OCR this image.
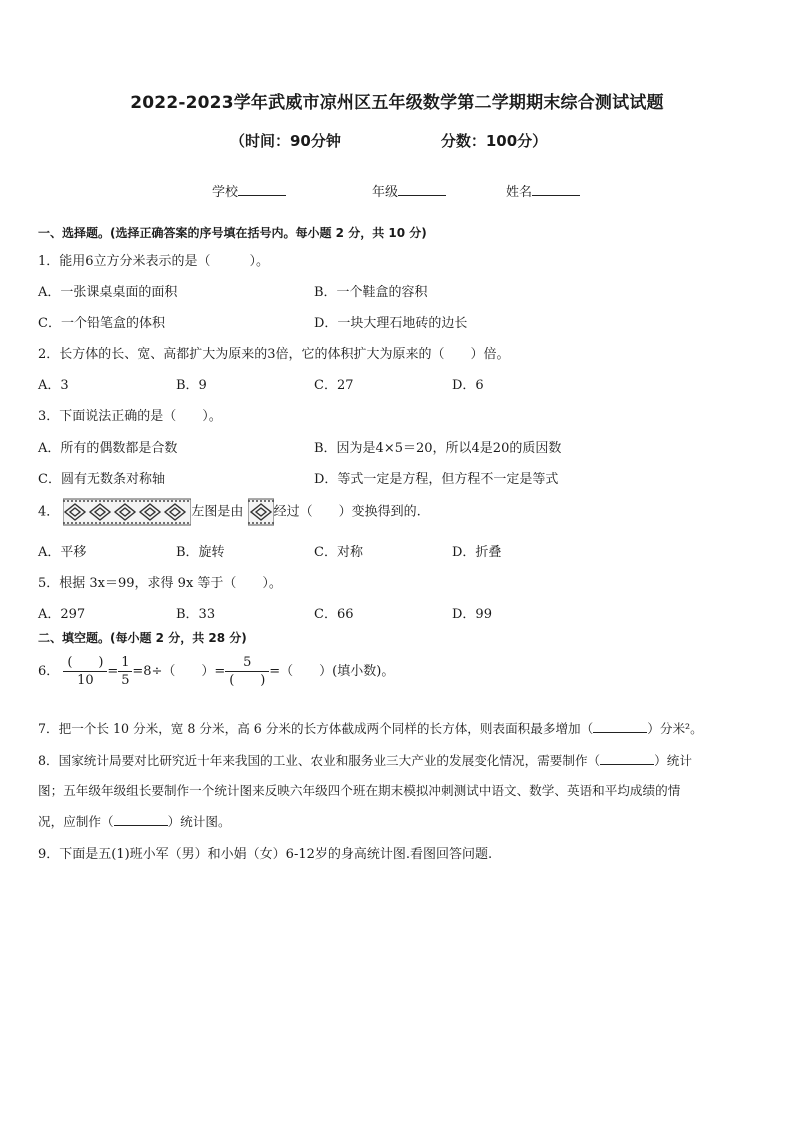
2022-2023学年武威市凉州区五年级数学第二学期期末综合测试试题
（时间：90分钟	分数：100分）
学校	年级	姓名
一、选择题。(选择正确答案的序号填在括号内。每小题 2 分，共 10 分)
1．能用6立方分米表示的是（　　　）。
A．一张课桌桌面的面积	B．一个鞋盒的容积
C．一个铅笔盒的体积	D．一块大理石地砖的边长
2．长方体的长、宽、高都扩大为原来的3倍，它的体积扩大为原来的（　　）倍。
A．3	B．9	C．27	D．6
3．下面说法正确的是（　　）。
A．所有的偶数都是合数	B．因为是4×5＝20，所以4是20的质因数
C．圆有无数条对称轴	D．等式一定是方程，但方程不一定是等式
4．	左图是由 经过（　　）变换得到的.
A．平移	B．旋转	C．对称	D．折叠
5．根据 3x＝99，求得 9x 等于（　　）。
A．297	B．33	C．66	D．99
二、填空题。(每小题 2 分，共 28 分)
6． $\frac{( )}{10} = \frac{1}{5} =8\div$（　　）= $\frac{5}{( )}$ =（　　）(填小数)。
7．把一个长 10 分米，宽 8 分米，高 6 分米的长方体截成两个同样的长方体，则表面积最多增加（	）分米²。
8．国家统计局要对比研究近十年来我国的工业、农业和服务业三大产业的发展变化情况，需要制作（	）统计
图；五年级年级组长要制作一个统计图来反映六年级四个班在期末模拟冲刺测试中语文、数学、英语和平均成绩的情
况，应制作（	）统计图。
9．下面是五(1)班小军（男）和小娟（女）6-12岁的身高统计图.看图回答问题.
